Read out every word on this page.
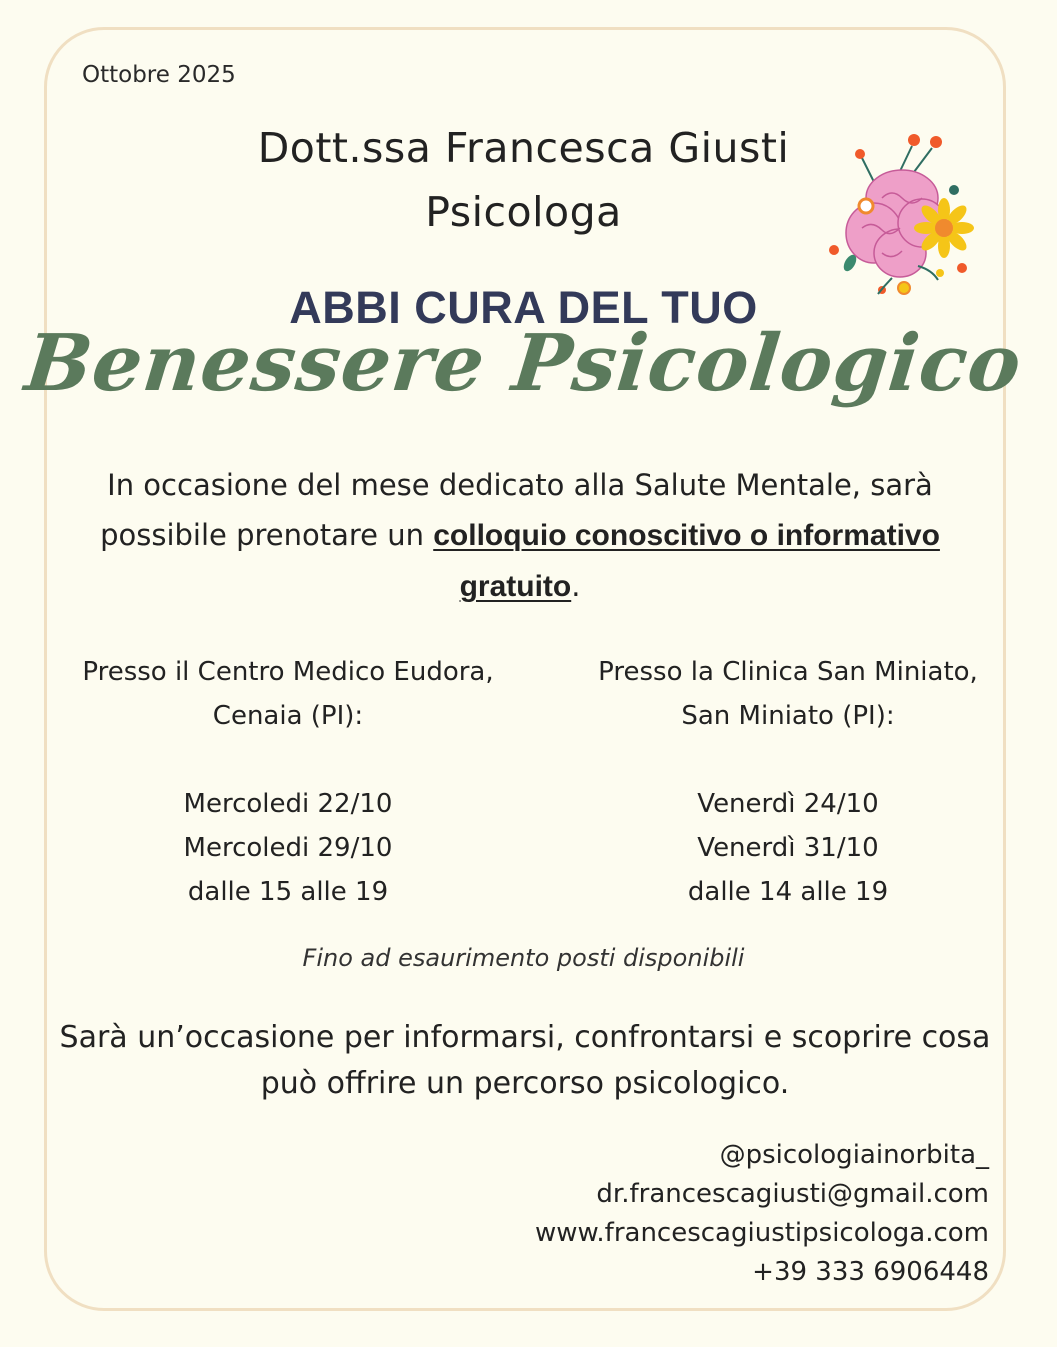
Ottobre 2025
Dott.ssa Francesca Giusti
Psicologa
ABBI CURA DEL TUO
Benessere Psicologico
In occasione del mese dedicato alla Salute Mentale, sarà possibile prenotare un colloquio conoscitivo o informativo gratuito.
Presso il Centro Medico Eudora,
Cenaia (PI):
Mercoledi 22/10
Mercoledi 29/10
dalle 15 alle 19
Presso la Clinica San Miniato,
San Miniato (PI):
Venerdì 24/10
Venerdì 31/10
dalle 14 alle 19
Fino ad esaurimento posti disponibili
Sarà un’occasione per informarsi, confrontarsi e scoprire cosa può offrire un percorso psicologico.
@psicologiainorbita_
dr.francescagiusti@gmail.com
www.francescagiustipsicologa.com
+39 333 6906448
